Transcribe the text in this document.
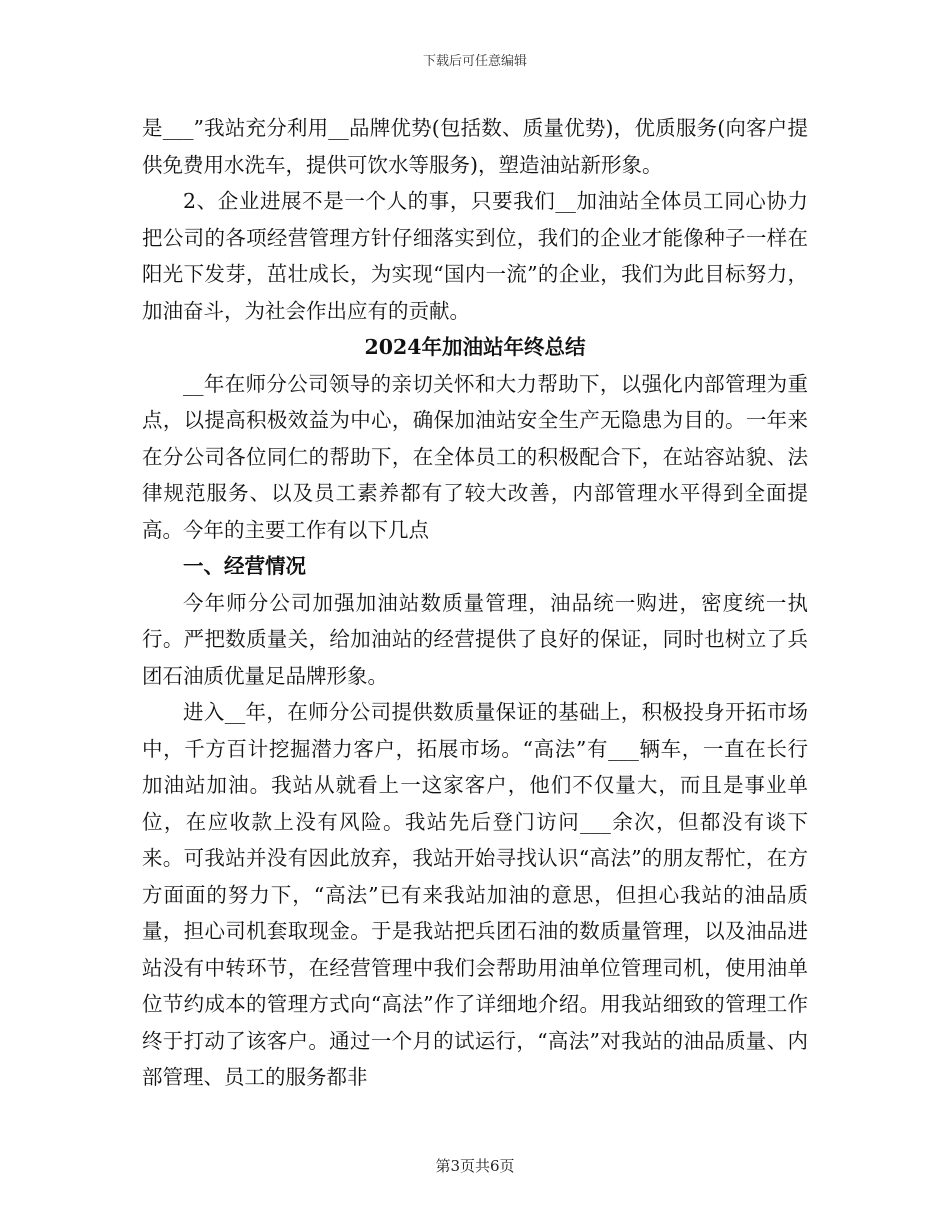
下载后可任意编辑

是___”我站充分利用__品牌优势(包括数、质量优势)，优质服务(向客户提供免费用水洗车，提供可饮水等服务)，塑造油站新形象。

2、企业进展不是一个人的事，只要我们__加油站全体员工同心协力把公司的各项经营管理方针仔细落实到位，我们的企业才能像种子一样在阳光下发芽，茁壮成长，为实现“国内一流”的企业，我们为此目标努力，加油奋斗，为社会作出应有的贡献。

2024年加油站年终总结

__年在师分公司领导的亲切关怀和大力帮助下，以强化内部管理为重点，以提高积极效益为中心，确保加油站安全生产无隐患为目的。一年来在分公司各位同仁的帮助下，在全体员工的积极配合下，在站容站貌、法律规范服务、以及员工素养都有了较大改善，内部管理水平得到全面提高。今年的主要工作有以下几点

一、经营情况

今年师分公司加强加油站数质量管理，油品统一购进，密度统一执行。严把数质量关，给加油站的经营提供了良好的保证，同时也树立了兵团石油质优量足品牌形象。

进入__年，在师分公司提供数质量保证的基础上，积极投身开拓市场中，千方百计挖掘潜力客户，拓展市场。“高法”有___辆车，一直在长行加油站加油。我站从就看上一这家客户，他们不仅量大，而且是事业单位，在应收款上没有风险。我站先后登门访问___余次，但都没有谈下来。可我站并没有因此放弃，我站开始寻找认识“高法”的朋友帮忙，在方方面面的努力下，“高法”已有来我站加油的意思，但担心我站的油品质量，担心司机套取现金。于是我站把兵团石油的数质量管理，以及油品进站没有中转环节，在经营管理中我们会帮助用油单位管理司机，使用油单位节约成本的管理方式向“高法”作了详细地介绍。用我站细致的管理工作终于打动了该客户。通过一个月的试运行，“高法”对我站的油品质量、内部管理、员工的服务都非

第3页共6页
